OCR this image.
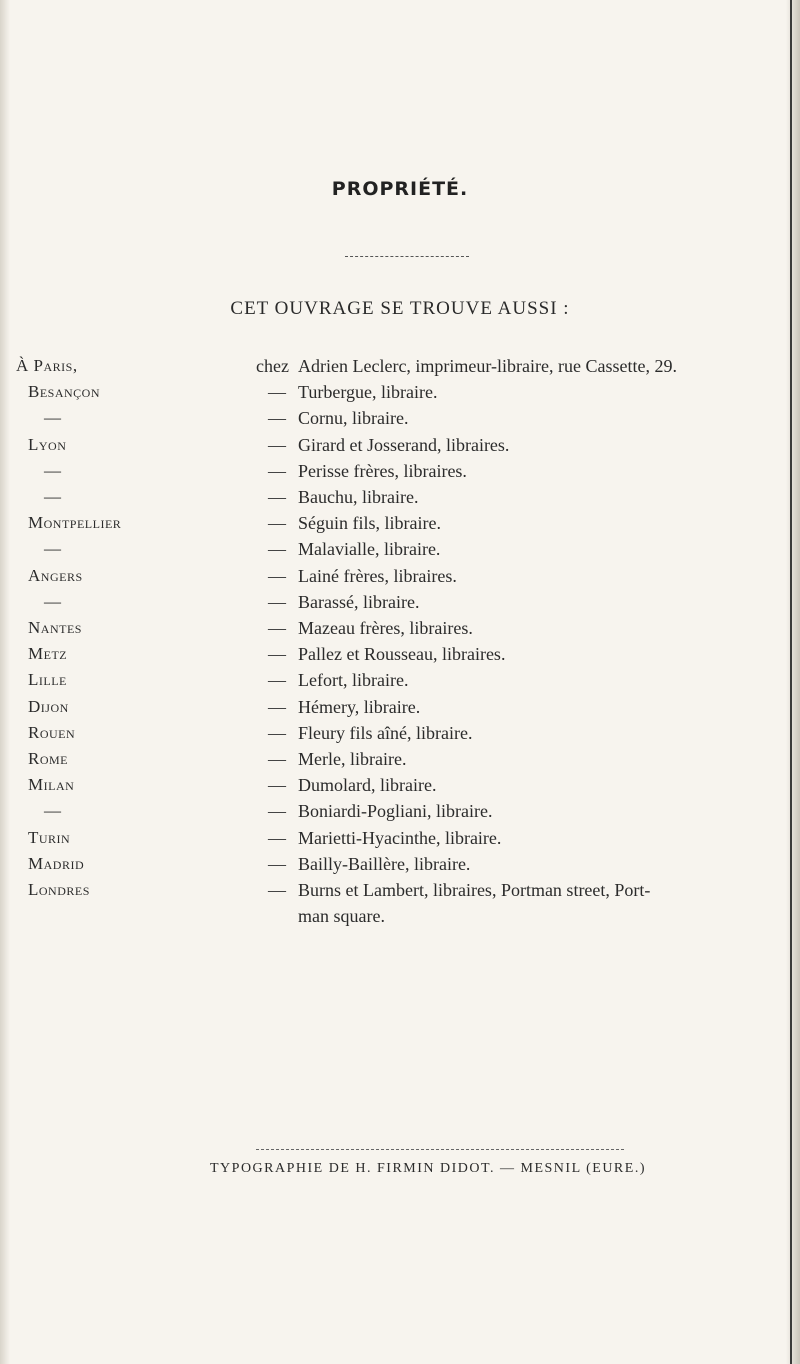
PROPRIÉTÉ.
CET OUVRAGE SE TROUVE AUSSI :
À Paris,	chez Adrien Leclerc, imprimeur-libraire, rue Cassette, 29.
Besançon	— Turbergue, libraire.
—	— Cornu, libraire.
Lyon	— Girard et Josserand, libraires.
—	— Perisse frères, libraires.
—	— Bauchu, libraire.
Montpellier	— Séguin fils, libraire.
—	— Malavialle, libraire.
Angers	— Lainé frères, libraires.
—	— Barassé, libraire.
Nantes	— Mazeau frères, libraires.
Metz	— Pallez et Rousseau, libraires.
Lille	— Lefort, libraire.
Dijon	— Hémery, libraire.
Rouen	— Fleury fils aîné, libraire.
Rome	— Merle, libraire.
Milan	— Dumolard, libraire.
—	— Boniardi-Pogliani, libraire.
Turin	— Marietti-Hyacinthe, libraire.
Madrid	— Bailly-Baillère, libraire.
Londres	— Burns et Lambert, libraires, Portman street, Port-
man square.
TYPOGRAPHIE DE H. FIRMIN DIDOT. — MESNIL (EURE.)
